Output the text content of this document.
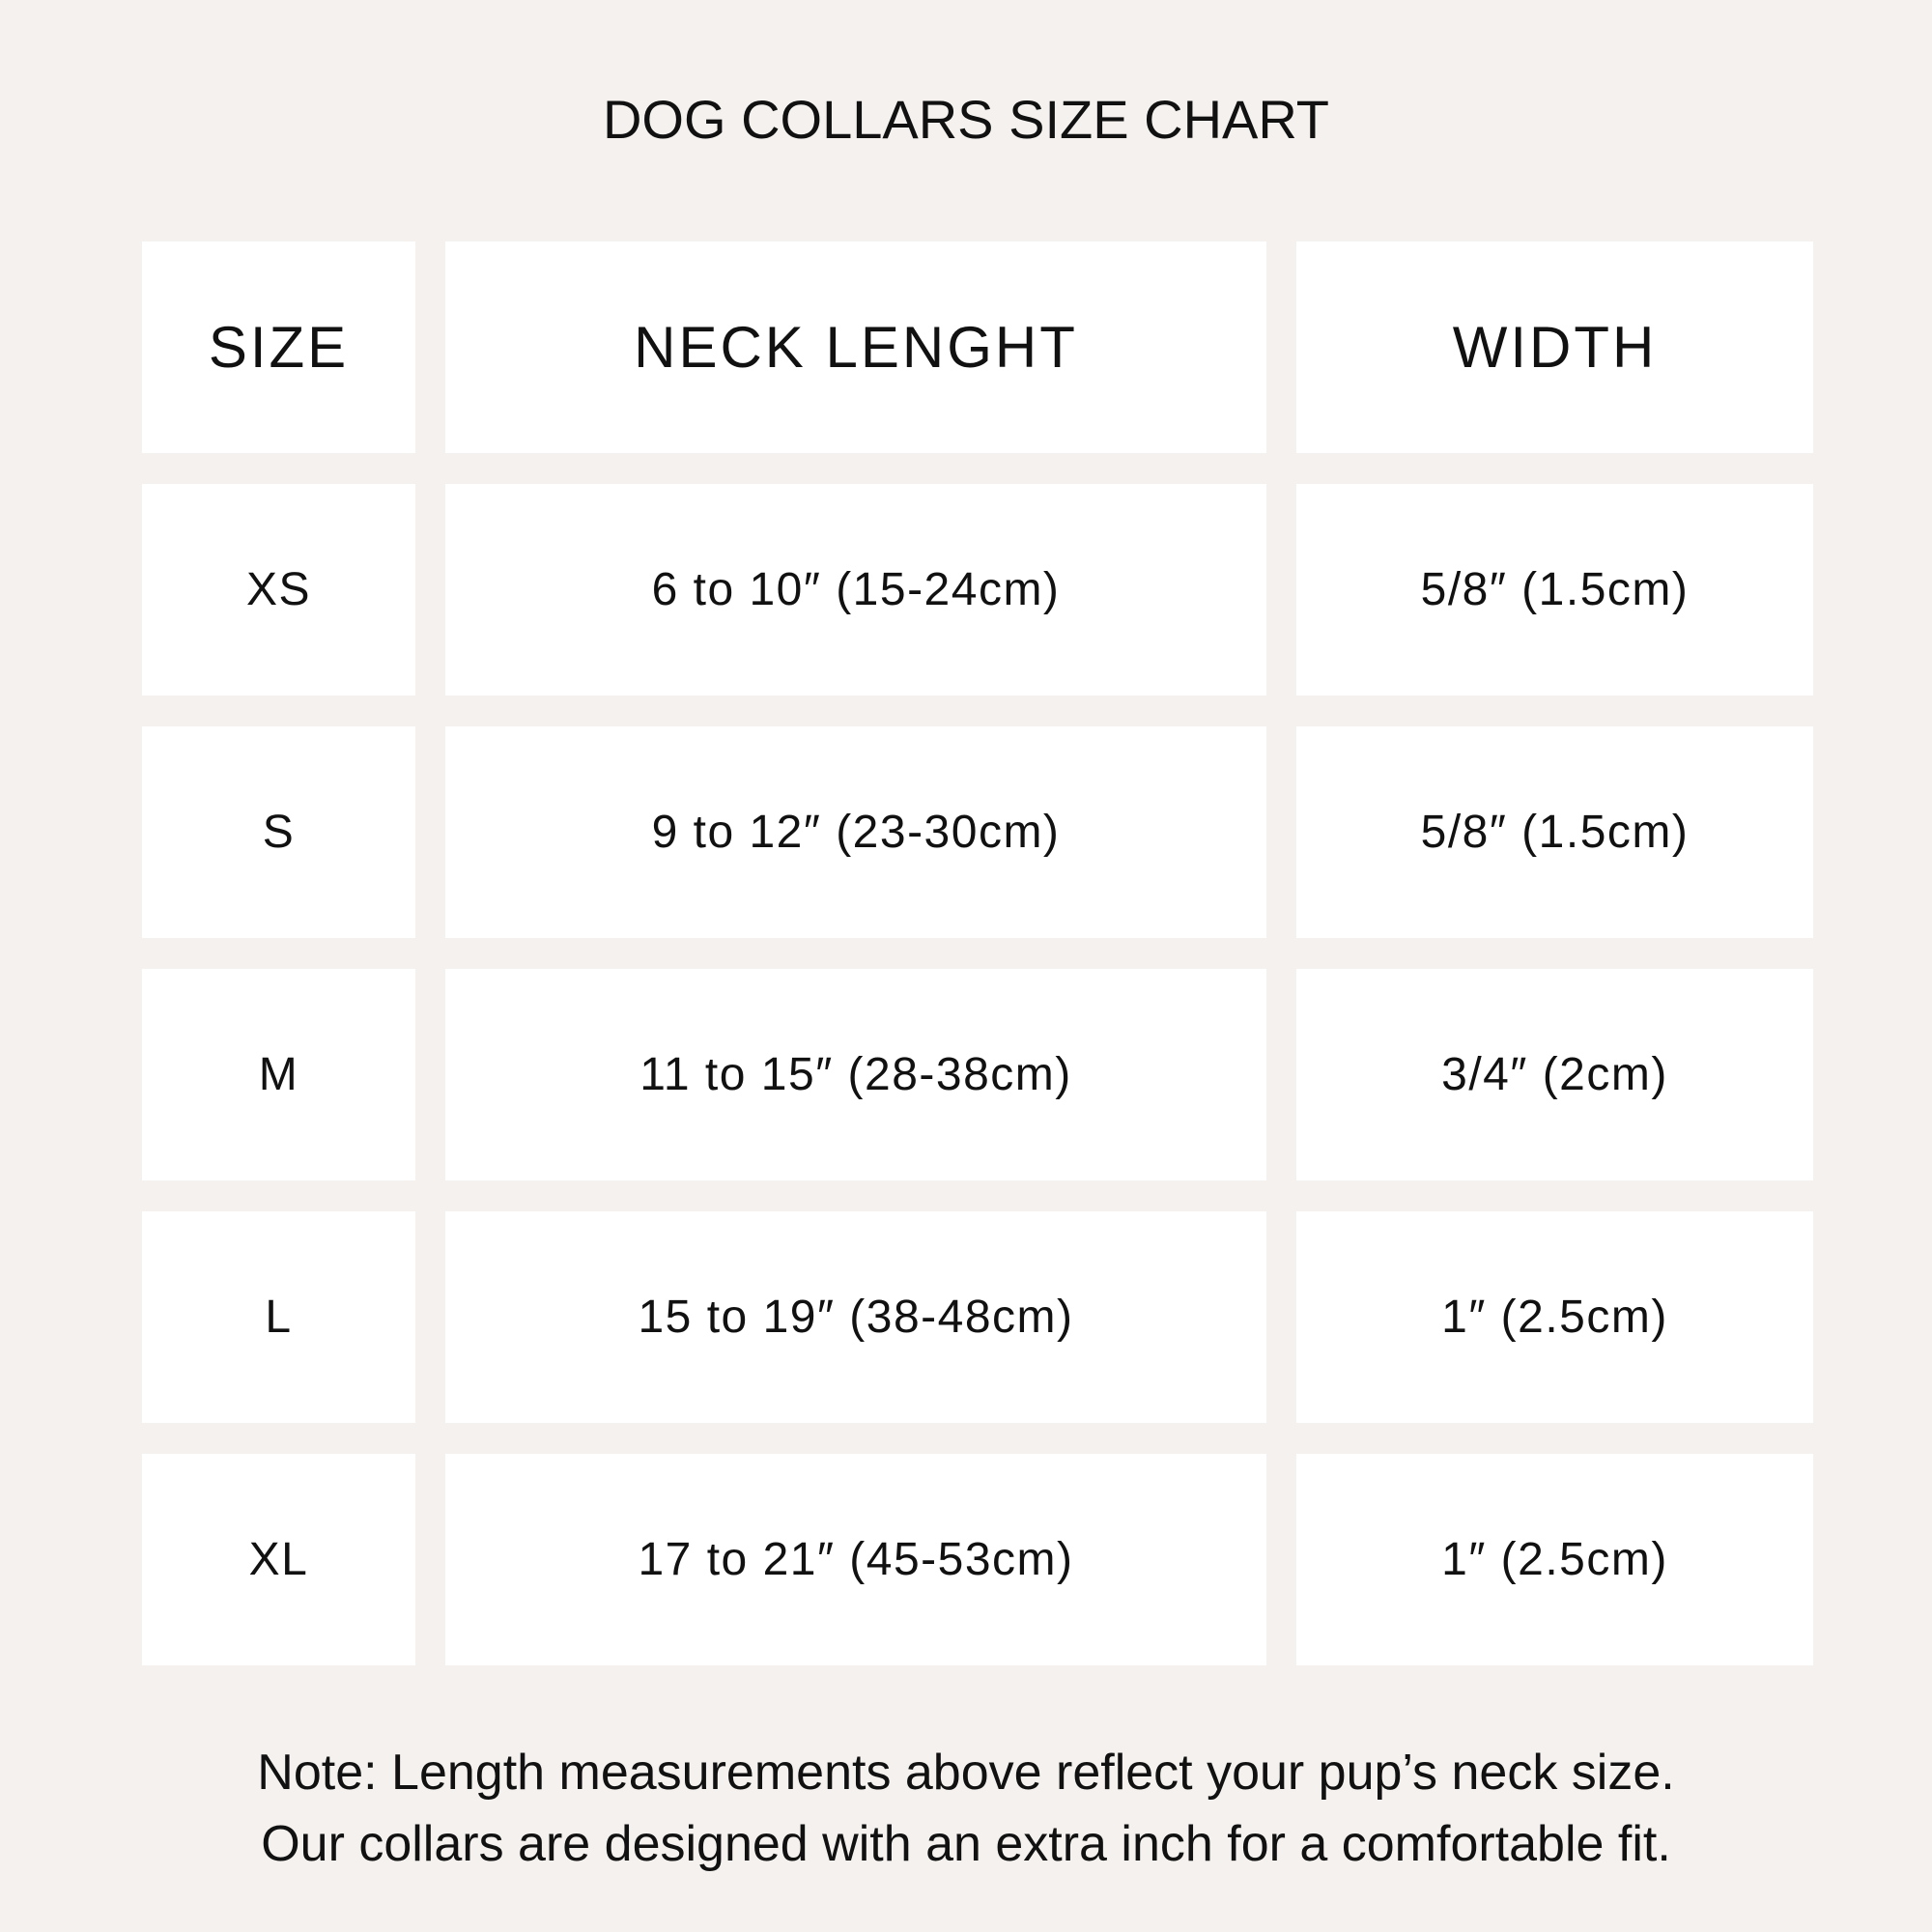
DOG COLLARS SIZE CHART
SIZE	NECK LENGHT	WIDTH
XS	6 to 10″ (15-24cm)	5/8″ (1.5cm)
S	9 to 12″ (23-30cm)	5/8″ (1.5cm)
M	11 to 15″ (28-38cm)	3/4″ (2cm)
L	15 to 19″ (38-48cm)	1″ (2.5cm)
XL	17 to 21″ (45-53cm)	1″ (2.5cm)
Note: Length measurements above reflect your pup’s neck size.
Our collars are designed with an extra inch for a comfortable fit.
